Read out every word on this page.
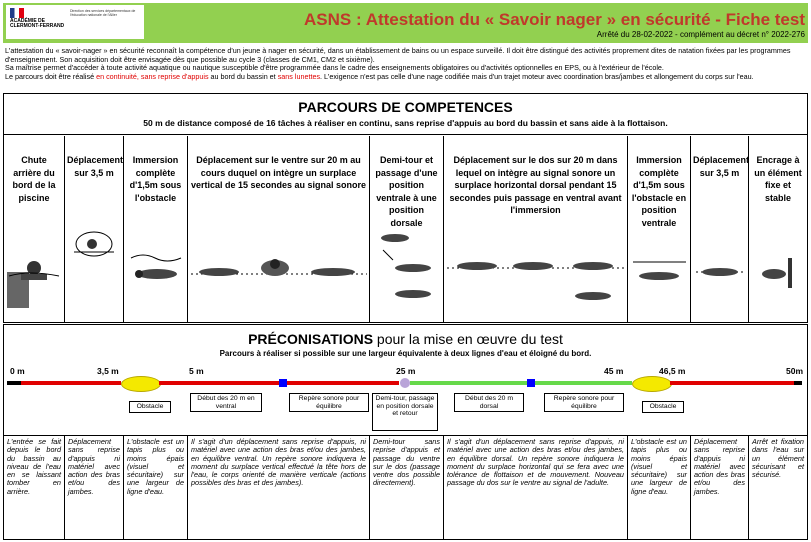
ACADÉMIE DE CLERMONT-FERRAND
Direction des services départementaux de l'éducation nationale de l'Allier	ASNS : Attestation du « Savoir nager » en sécurité - Fiche test
Arrêté du 28-02-2022 - complément au décret n° 2022-276
L'attestation du « savoir-nager » en sécurité reconnaît la compétence d'un jeune à nager en sécurité, dans un établissement de bains ou un espace surveillé. Il doit être distingué des activités proprement dites de natation fixées par les programmes d'enseignement. Son acquisition doit être envisagée dès que possible au cycle 3 (classes de CM1, CM2 et sixième).
Sa maîtrise permet d'accéder à toute activité aquatique ou nautique susceptible d'être programmée dans le cadre des enseignements obligatoires ou d'activités optionnelles en EPS, ou à l'extérieur de l'école.
Le parcours doit être réalisé en continuité, sans reprise d'appuis au bord du bassin et sans lunettes. L'exigence n'est pas celle d'une nage codifiée mais d'un trajet moteur avec coordination bras/jambes et allongement du corps sur l'eau.
PARCOURS DE COMPETENCES
50 m de distance composé de 16 tâches à réaliser en continu, sans reprise d'appuis au bord du bassin et sans aide à la flottaison.
Chute arrière du bord de la piscine
Déplacement sur 3,5 m
Immersion complète d'1,5m sous l'obstacle
Déplacement sur le ventre sur 20 m au cours duquel on intègre un surplace vertical de 15 secondes au signal sonore
Demi-tour et passage d'une position ventrale à une position dorsale
Déplacement sur le dos sur 20 m dans lequel on intègre au signal sonore un surplace horizontal dorsal pendant 15 secondes puis passage en ventral avant l'immersion
Immersion complète d'1,5m sous l'obstacle en position ventrale
Déplacement sur 3,5 m
Encrage à un élément fixe et stable
PRÉCONISATIONS pour la mise en œuvre du test
Parcours à réaliser si possible sur une largeur équivalente à deux lignes d'eau et éloigné du bord.
0 m	3,5 m	5 m	25 m	45 m	46,5 m	50m
Obstacle
Début des 20 m en ventral
Repère sonore pour équilibre
Demi-tour, passage en position dorsale et retour
Début des 20 m dorsal
Repère sonore pour équilibre	Obstacle
L'entrée se fait depuis le bord du bassin au niveau de l'eau en se laissant tomber en arrière.
Déplacement sans reprise d'appuis ni matériel avec action des bras et/ou des jambes.
L'obstacle est un tapis plus ou moins épais (visuel et sécuritaire) sur une largeur de ligne d'eau.
Il s'agit d'un déplacement sans reprise d'appuis, ni matériel avec une action des bras et/ou des jambes, en équilibre ventral. Un repère sonore indiquera le moment du surplace vertical effectué la tête hors de l'eau, le corps orienté de manière verticale (actions possibles des bras et des jambes).
Demi-tour sans reprise d'appuis et passage du ventre sur le dos (passage ventre dos possible directement).
Il s'agit d'un déplacement sans reprise d'appuis, ni matériel avec une action des bras et/ou des jambes, en équilibre dorsal. Un repère sonore indiquera le moment du surplace horizontal qui se fera avec une tolérance de flottaison et de mouvement. Nouveau passage du dos sur le ventre au signal de l'adulte.
L'obstacle est un tapis plus ou moins épais (visuel et sécuritaire) sur une largeur de ligne d'eau.
Déplacement sans reprise d'appuis ni matériel avec action des bras et/ou des jambes.
Arrêt et fixation dans l'eau sur un élément sécurisant et sécurisé.
